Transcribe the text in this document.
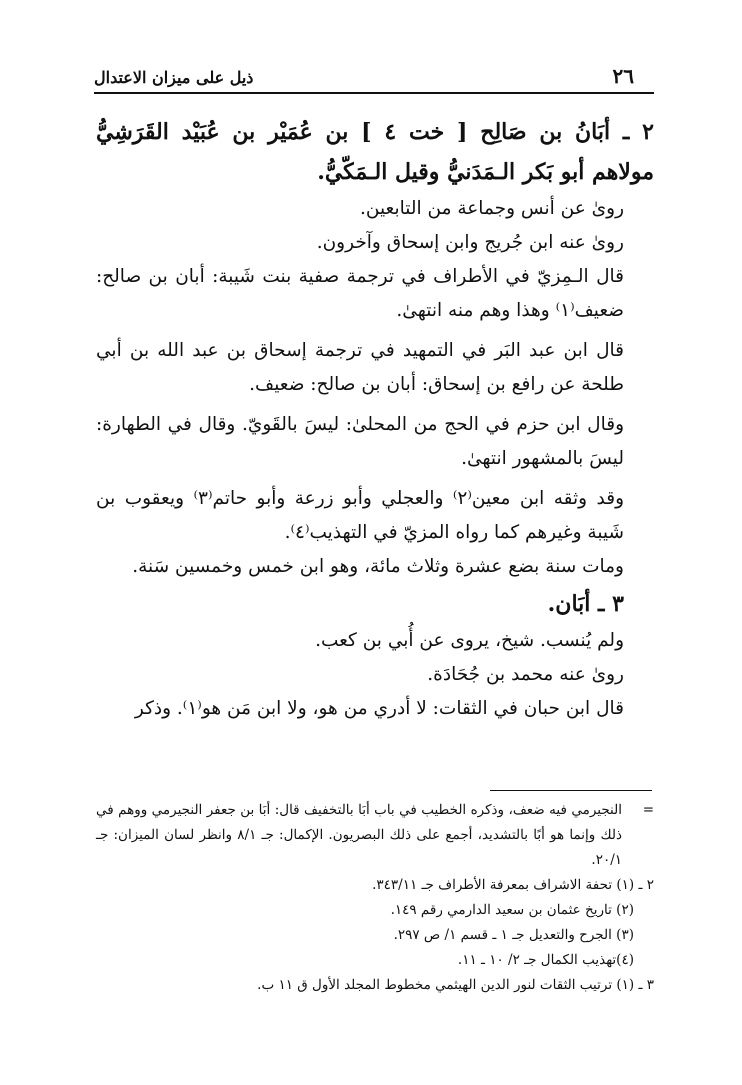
٢٦
ذيل على ميزان الاعتدال

٢ ـ أبَانُ بن صَالِح [ خت ٤ ] بن عُمَيْر بن عُبَيْد القَرَشِيُّ مولاهم أبو بَكر الـمَدَنيُّ وقيل الـمَكّيُّ.

روىٰ عن أنس وجماعة من التابعين.

روىٰ عنه ابن جُريج وابن إسحاق وآخرون.

قال الـمِزيّ في الأطراف في ترجمة صفية بنت شَيبة: أبان بن صالح: ضعيف⁽١⁾ وهذا وهم منه انتهىٰ.

قال ابن عبد البَر في التمهيد في ترجمة إسحاق بن عبد الله بن أبي طلحة عن رافع بن إسحاق: أبان بن صالح: ضعيف.

وقال ابن حزم في الحج من المحلىٰ: ليسَ بالقَويّ. وقال في الطهارة: ليسَ بالمشهور انتهىٰ.

وقد وثقه ابن معين⁽٢⁾ والعجلي وأبو زرعة وأبو حاتم⁽٣⁾ ويعقوب بن شَيبة وغيرهم كما رواه المزيّ في التهذيب⁽٤⁾.

ومات سنة بضع عشرة وثلاث مائة، وهو ابن خمس وخمسين سَنة.

٣ ـ أبَان.

ولم يُنسب. شيخ، يروى عن أُبي بن كعب.

روىٰ عنه محمد بن جُحَادَة.

قال ابن حبان في الثقات: لا أدري من هو، ولا ابن مَن هو⁽١⁾. وذكر

=
النجيرمي فيه ضعف، وذكره الخطيب في باب أبَا بالتخفيف قال: أبَا بن جعفر النجيرمي ووهم في ذلك وإنما هو أبًا بالتشديد، أجمع على ذلك البصريون. الإكمال: جـ ٨/١ وانظر لسان الميزان: جـ ٢٠/١.

٢ ـ (١) تحفة الاشراف بمعرفة الأطراف جـ ٣٤٣/١١.

(٢) تاريخ عثمان بن سعيد الدارمي رقم ١٤٩.

(٣) الجرح والتعديل جـ ١ ـ قسم ١/ ص ٢٩٧.

(٤)تهذيب الكمال جـ ٢/ ١٠ ـ ١١.

٣ ـ (١) ترتيب الثقات لنور الدين الهيثمي مخطوط المجلد الأول ق ١١ ب.
